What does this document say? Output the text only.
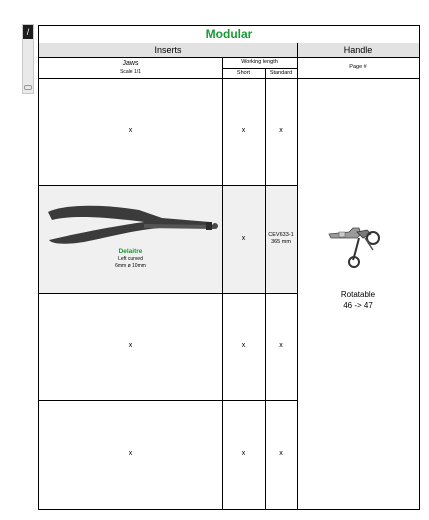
/	Modular
Inserts	Handle
Jaws
Scale 1/1
Working length
Short	Standard
Page #
x	x	x
Delaitre
Left curved
6mm ø 10mm
x	CEV633-1
365 mm
x	x	x
x	x	x
Rotatable
46 -> 47
